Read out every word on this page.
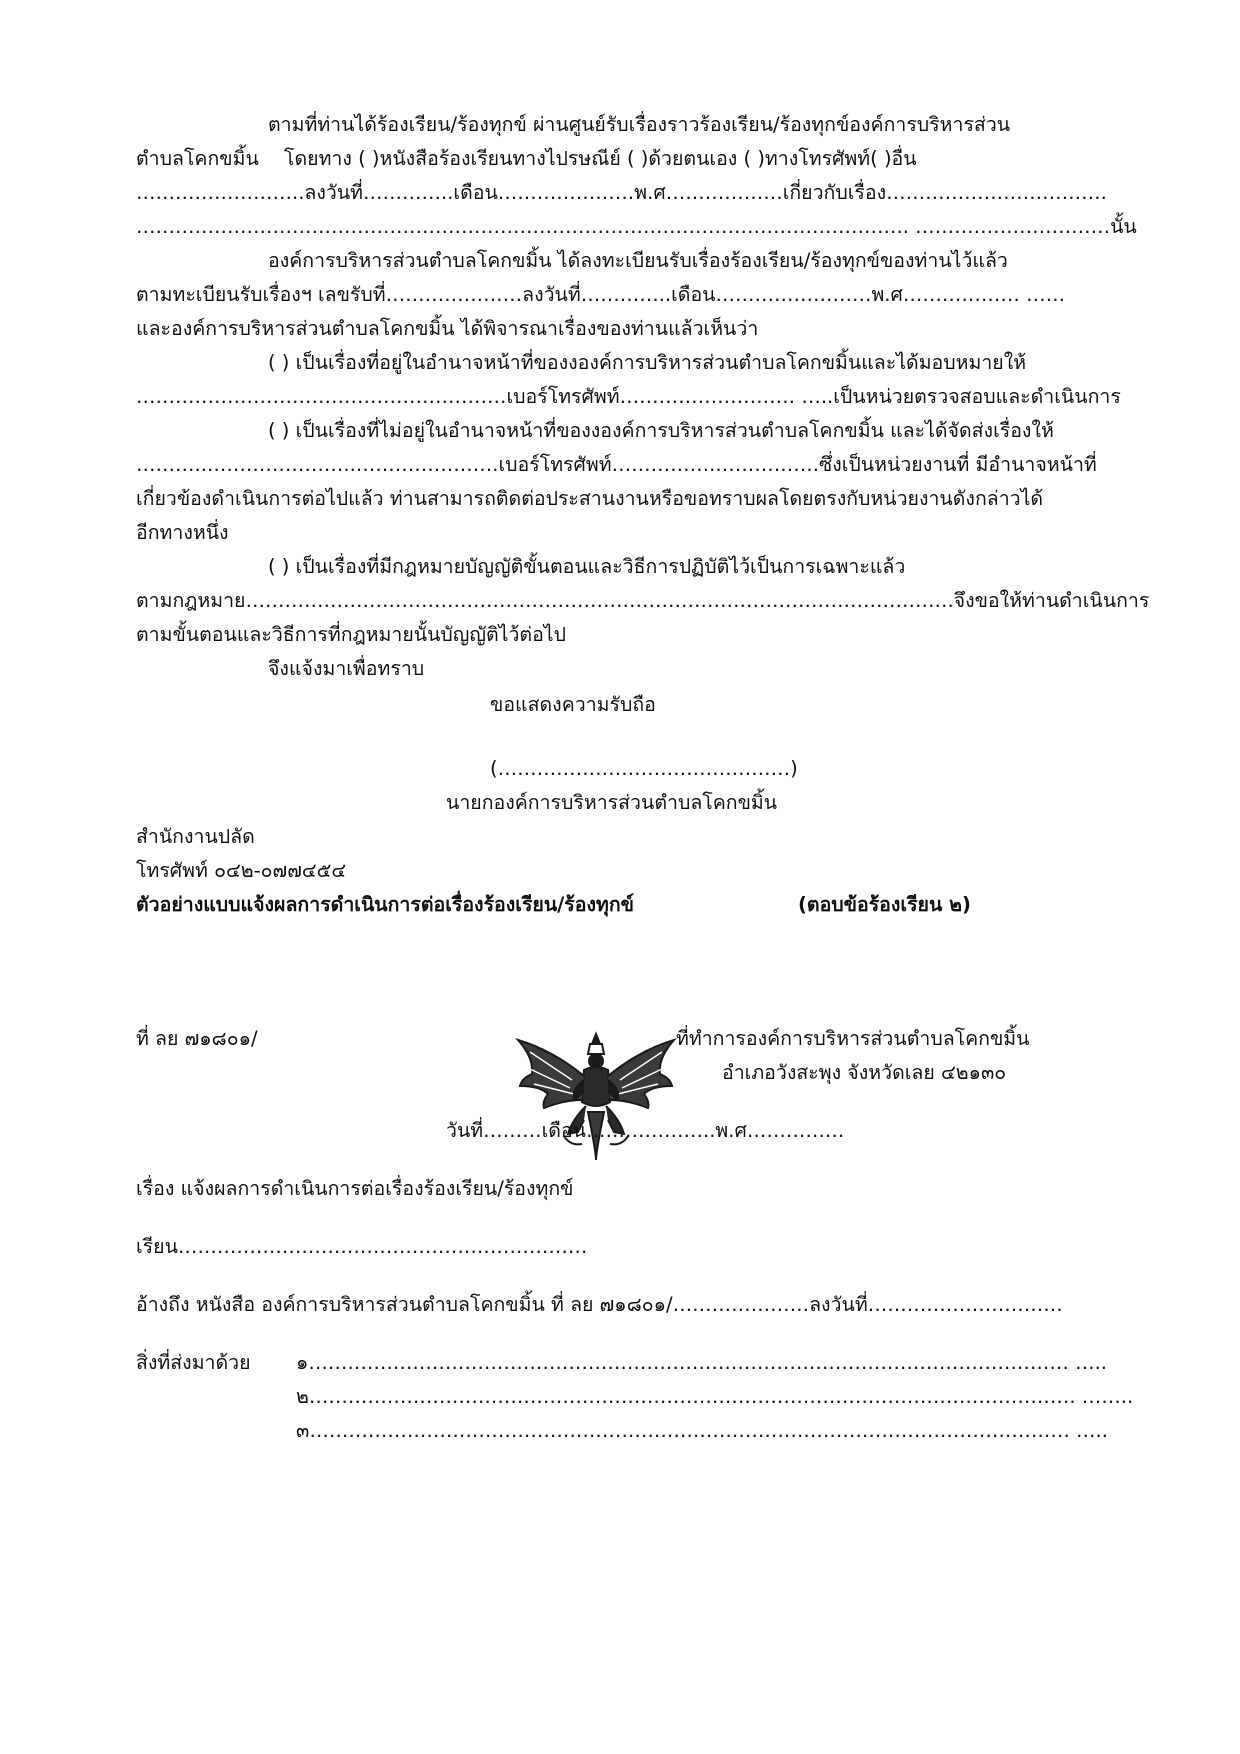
ตามที่ท่านได้ร้องเรียน/ร้องทุกข์ ผ่านศูนย์รับเรื่องราวร้องเรียน/ร้องทุกข์องค์การบริหารส่วน

ตำบลโคกขมิ้น โดยทาง ( )หนังสือร้องเรียนทางไปรษณีย์ ( )ด้วยตนเอง ( )ทางโทรศัพท์( )อื่น

……………………..ลงวันที่…………..เดือน…………………พ.ศ………………เกี่ยวกับเรื่อง…………………………….

……………………………………………………………………………………………………….. …………………………นั้น

องค์การบริหารส่วนตำบลโคกขมิ้น ได้ลงทะเบียนรับเรื่องร้องเรียน/ร้องทุกข์ของท่านไว้แล้ว

ตามทะเบียนรับเรื่องฯ เลขรับที่…………………ลงวันที่…………..เดือน……………………พ.ศ……………… ……

และองค์การบริหารส่วนตำบลโคกขมิ้น ได้พิจารณาเรื่องของท่านแล้วเห็นว่า

( ) เป็นเรื่องที่อยู่ในอำนาจหน้าที่ของงองค์การบริหารส่วนตำบลโคกขมิ้นและได้มอบหมายให้

…………………………………………………เบอร์โทรศัพท์……………………… …..เป็นหน่วยตรวจสอบและดำเนินการ

( ) เป็นเรื่องที่ไม่อยู่ในอำนาจหน้าที่ของงองค์การบริหารส่วนตำบลโคกขมิ้น และได้จัดส่งเรื่องให้

………..…………………..………………….เบอร์โทรศัพท์…………….…………….ซึ่งเป็นหน่วยงานที่ มีอำนาจหน้าที่

เกี่ยวข้องดำเนินการต่อไปแล้ว ท่านสามารถติดต่อประสานงานหรือขอทราบผลโดยตรงกับหน่วยงานดังกล่าวได้

อีกทางหนึ่ง

( ) เป็นเรื่องที่มีกฎหมายบัญญัติขั้นตอนและวิธีการปฏิบัติไว้เป็นการเฉพาะแล้ว

ตามกฎหมาย……………………………………………………………………………………………….จึงขอให้ท่านดำเนินการ

ตามขั้นตอนและวิธีการที่กฎหมายนั้นบัญญัติไว้ต่อไป

จึงแจ้งมาเพื่อทราบ

ขอแสดงความรับถือ

(………………………………………)

นายกองค์การบริหารส่วนตำบลโคกขมิ้น

สำนักงานปลัด

โทรศัพท์ ๐๔๒-๐๗๗๔๕๔

ตัวอย่างแบบแจ้งผลการดำเนินการต่อเรื่องร้องเรียน/ร้องทุกข์	(ตอบข้อร้องเรียน ๒)

ที่ ลย ๗๑๘๐๑/	ที่ทำการองค์การบริหารส่วนตำบลโคกขมิ้น

อำเภอวังสะพุง จังหวัดเลย ๔๒๑๓๐

วันที่………เดือน………………..พ.ศ……………

เรื่อง แจ้งผลการดำเนินการต่อเรื่องร้องเรียน/ร้องทุกข์

เรียน………………………………………………………

อ้างถึง หนังสือ องค์การบริหารส่วนตำบลโคกขมิ้น ที่ ลย ๗๑๘๐๑/…………………ลงวันที่…………………………

สิ่งที่ส่งมาด้วย ๑……………………………………………………………………………………………………… …..

๒………………………………………………………………………………………………………. ……..

๓……………………………………………………………………………………………………… …..
